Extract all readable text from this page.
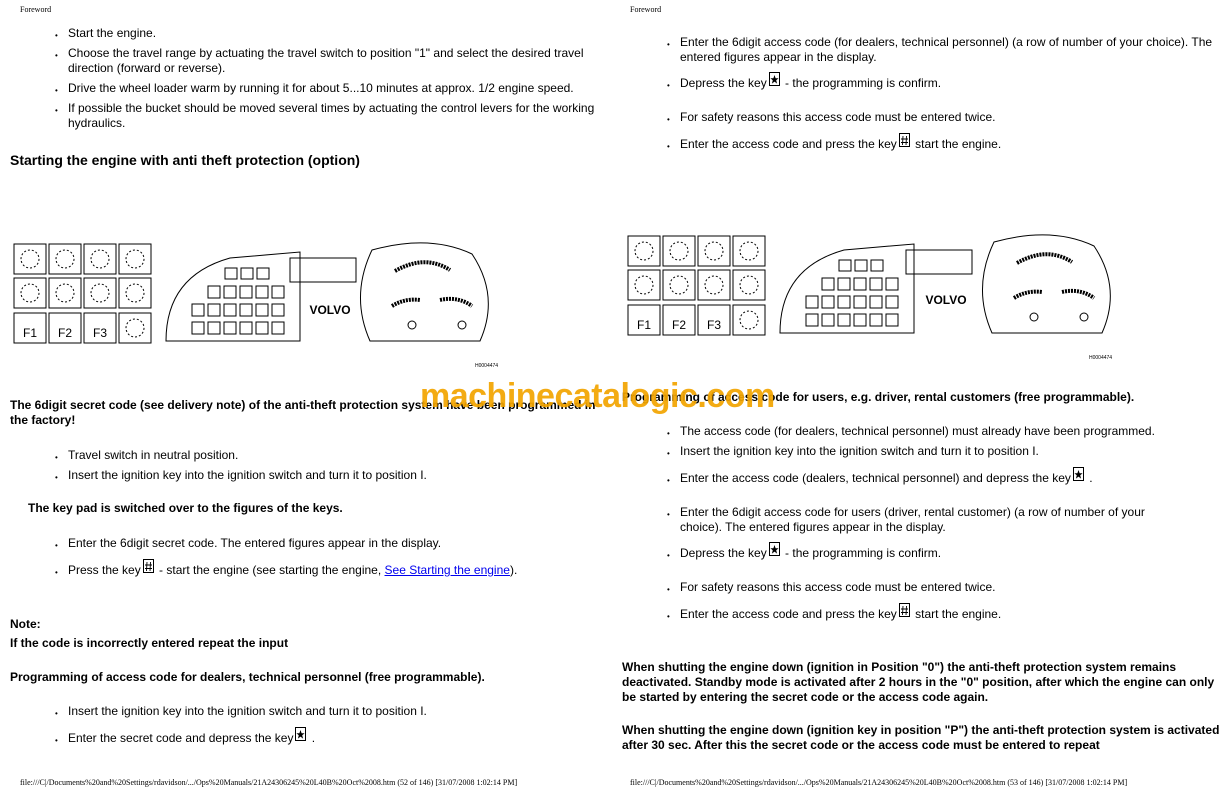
Foreword
• Start the engine.
• Choose the travel range by actuating the travel switch to position "1" and select the desired travel direction (forward or reverse).
• Drive the wheel loader warm by running it for about 5...10 minutes at approx. 1/2 engine speed.
• If possible the bucket should be moved several times by actuating the control levers for the working hydraulics.
Starting the engine with anti theft protection (option)
VOLVO
F1 F2 F3
H0004474
The 6digit secret code (see delivery note) of the anti-theft protection system have been programmed in the factory!
• Travel switch in neutral position.
• Insert the ignition key into the ignition switch and turn it to position I.
The key pad is switched over to the figures of the keys.
• Enter the 6digit secret code. The entered figures appear in the display.
• Press the key
- start the engine (see starting the engine, See Starting the engine).
Note:
If the code is incorrectly entered repeat the input
Programming of access code for dealers, technical personnel (free programmable).
• Insert the ignition key into the ignition switch and turn it to position I.
• Enter the secret code and depress the key
.
file:///C|/Documents%20and%20Settings/rdavidson/.../Ops%20Manuals/21A24306245%20L40B%20Oct%2008.htm (52 of 146) [31/07/2008 1:02:14 PM]
Foreword
• Enter the 6digit access code (for dealers, technical personnel) (a row of number of your choice). The entered figures appear in the display.
• Depress the key
- the programming is confirm.
• For safety reasons this access code must be entered twice.
• Enter the access code and press the key
start the engine.
VOLVO
F1 F2 F3
H0004474
Programming of access code for users, e.g. driver, rental customers (free programmable).
• The access code (for dealers, technical personnel) must already have been programmed.
• Insert the ignition key into the ignition switch and turn it to position I.
• Enter the access code (dealers, technical personnel) and depress the key
.
• Enter the 6digit access code for users (driver, rental customer) (a row of number of your choice). The entered figures appear in the display.
• Depress the key
- the programming is confirm.
• For safety reasons this access code must be entered twice.
• Enter the access code and press the key
start the engine.
When shutting the engine down (ignition in Position "0") the anti-theft protection system remains deactivated. Standby mode is activated after 2 hours in the "0" position, after which the engine can only be started by entering the secret code or the access code again.
When shutting the engine down (ignition key in position "P") the anti-theft protection system is activated after 30 sec. After this the secret code or the access code must be entered to repeat
file:///C|/Documents%20and%20Settings/rdavidson/.../Ops%20Manuals/21A24306245%20L40B%20Oct%2008.htm (53 of 146) [31/07/2008 1:02:14 PM]
machinecatalogic.com
